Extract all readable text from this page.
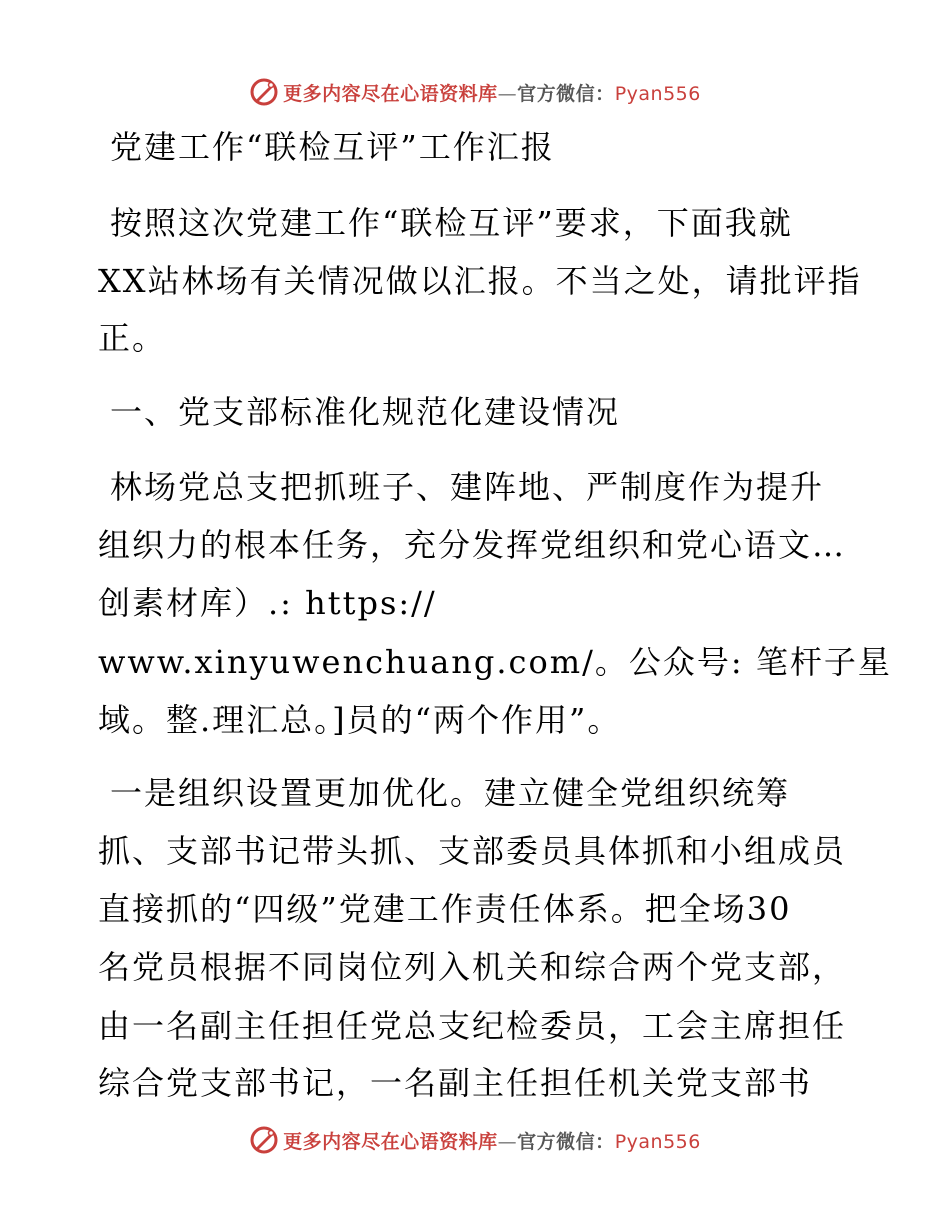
更多内容尽在心语资料库—官方微信：Pyan556
党建工作“联检互评”工作汇报
按照这次党建工作“联检互评”要求，下面我就
XX站林场有关情况做以汇报。不当之处，请批评指
正。
一、党支部标准化规范化建设情况
林场党总支把抓班子、建阵地、严制度作为提升
组织力的根本任务，充分发挥党组织和党心语文…
创素材库）.: https://
www.xinyuwenchuang.com/。公众号: 笔杆子星
域。整.理汇总。]员的“两个作用”。
一是组织设置更加优化。建立健全党组织统筹
抓、支部书记带头抓、支部委员具体抓和小组成员
直接抓的“四级”党建工作责任体系。把全场30
名党员根据不同岗位列入机关和综合两个党支部，
由一名副主任担任党总支纪检委员，工会主席担任
综合党支部书记，一名副主任担任机关党支部书
更多内容尽在心语资料库—官方微信：Pyan556
